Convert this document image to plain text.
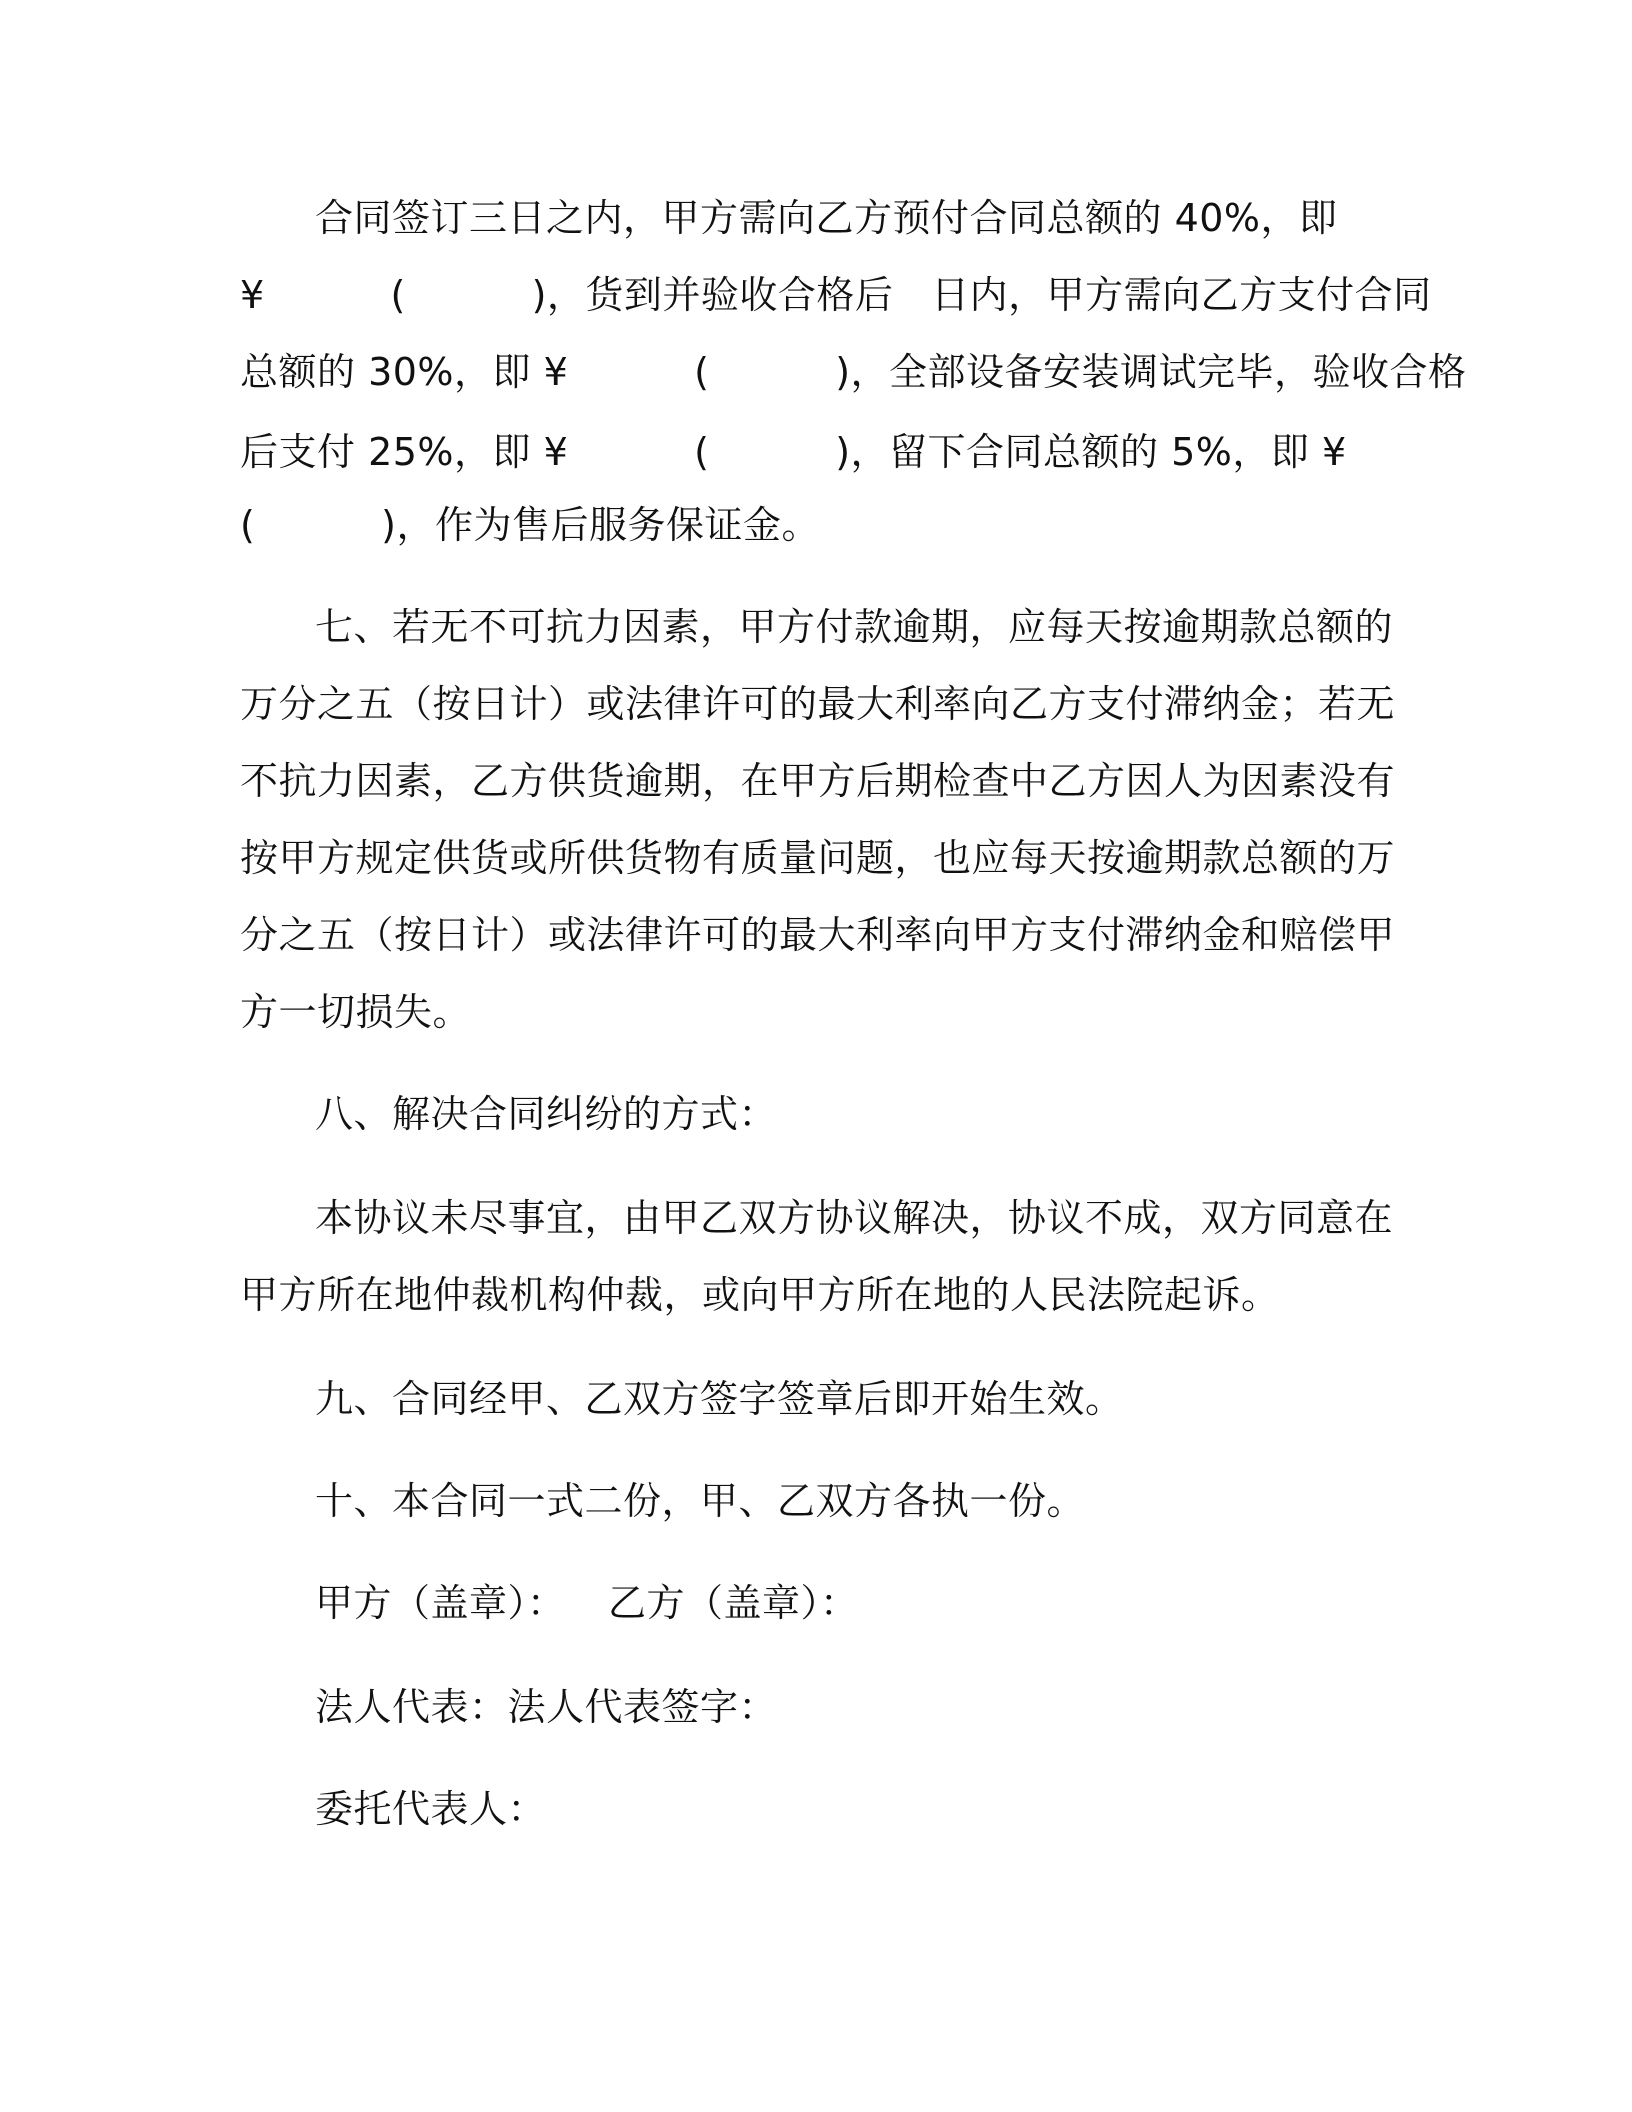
合同签订三日之内，甲方需向乙方预付合同总额的 40%，即
¥          (          )，货到并验收合格后   日内，甲方需向乙方支付合同
总额的 30%，即 ¥          (          )，全部设备安装调试完毕，验收合格
后支付 25%，即 ¥          (          )，留下合同总额的 5%，即 ¥
(          )，作为售后服务保证金。
七、若无不可抗力因素，甲方付款逾期，应每天按逾期款总额的
万分之五（按日计）或法律许可的最大利率向乙方支付滞纳金；若无
不抗力因素，乙方供货逾期，在甲方后期检查中乙方因人为因素没有
按甲方规定供货或所供货物有质量问题，也应每天按逾期款总额的万
分之五（按日计）或法律许可的最大利率向甲方支付滞纳金和赔偿甲
方一切损失。
八、解决合同纠纷的方式：
本协议未尽事宜，由甲乙双方协议解决，协议不成，双方同意在
甲方所在地仲裁机构仲裁，或向甲方所在地的人民法院起诉。
九、合同经甲、乙双方签字签章后即开始生效。
十、本合同一式二份，甲、乙双方各执一份。
甲方（盖章）： 乙方（盖章）：
法人代表：法人代表签字：
委托代表人：
